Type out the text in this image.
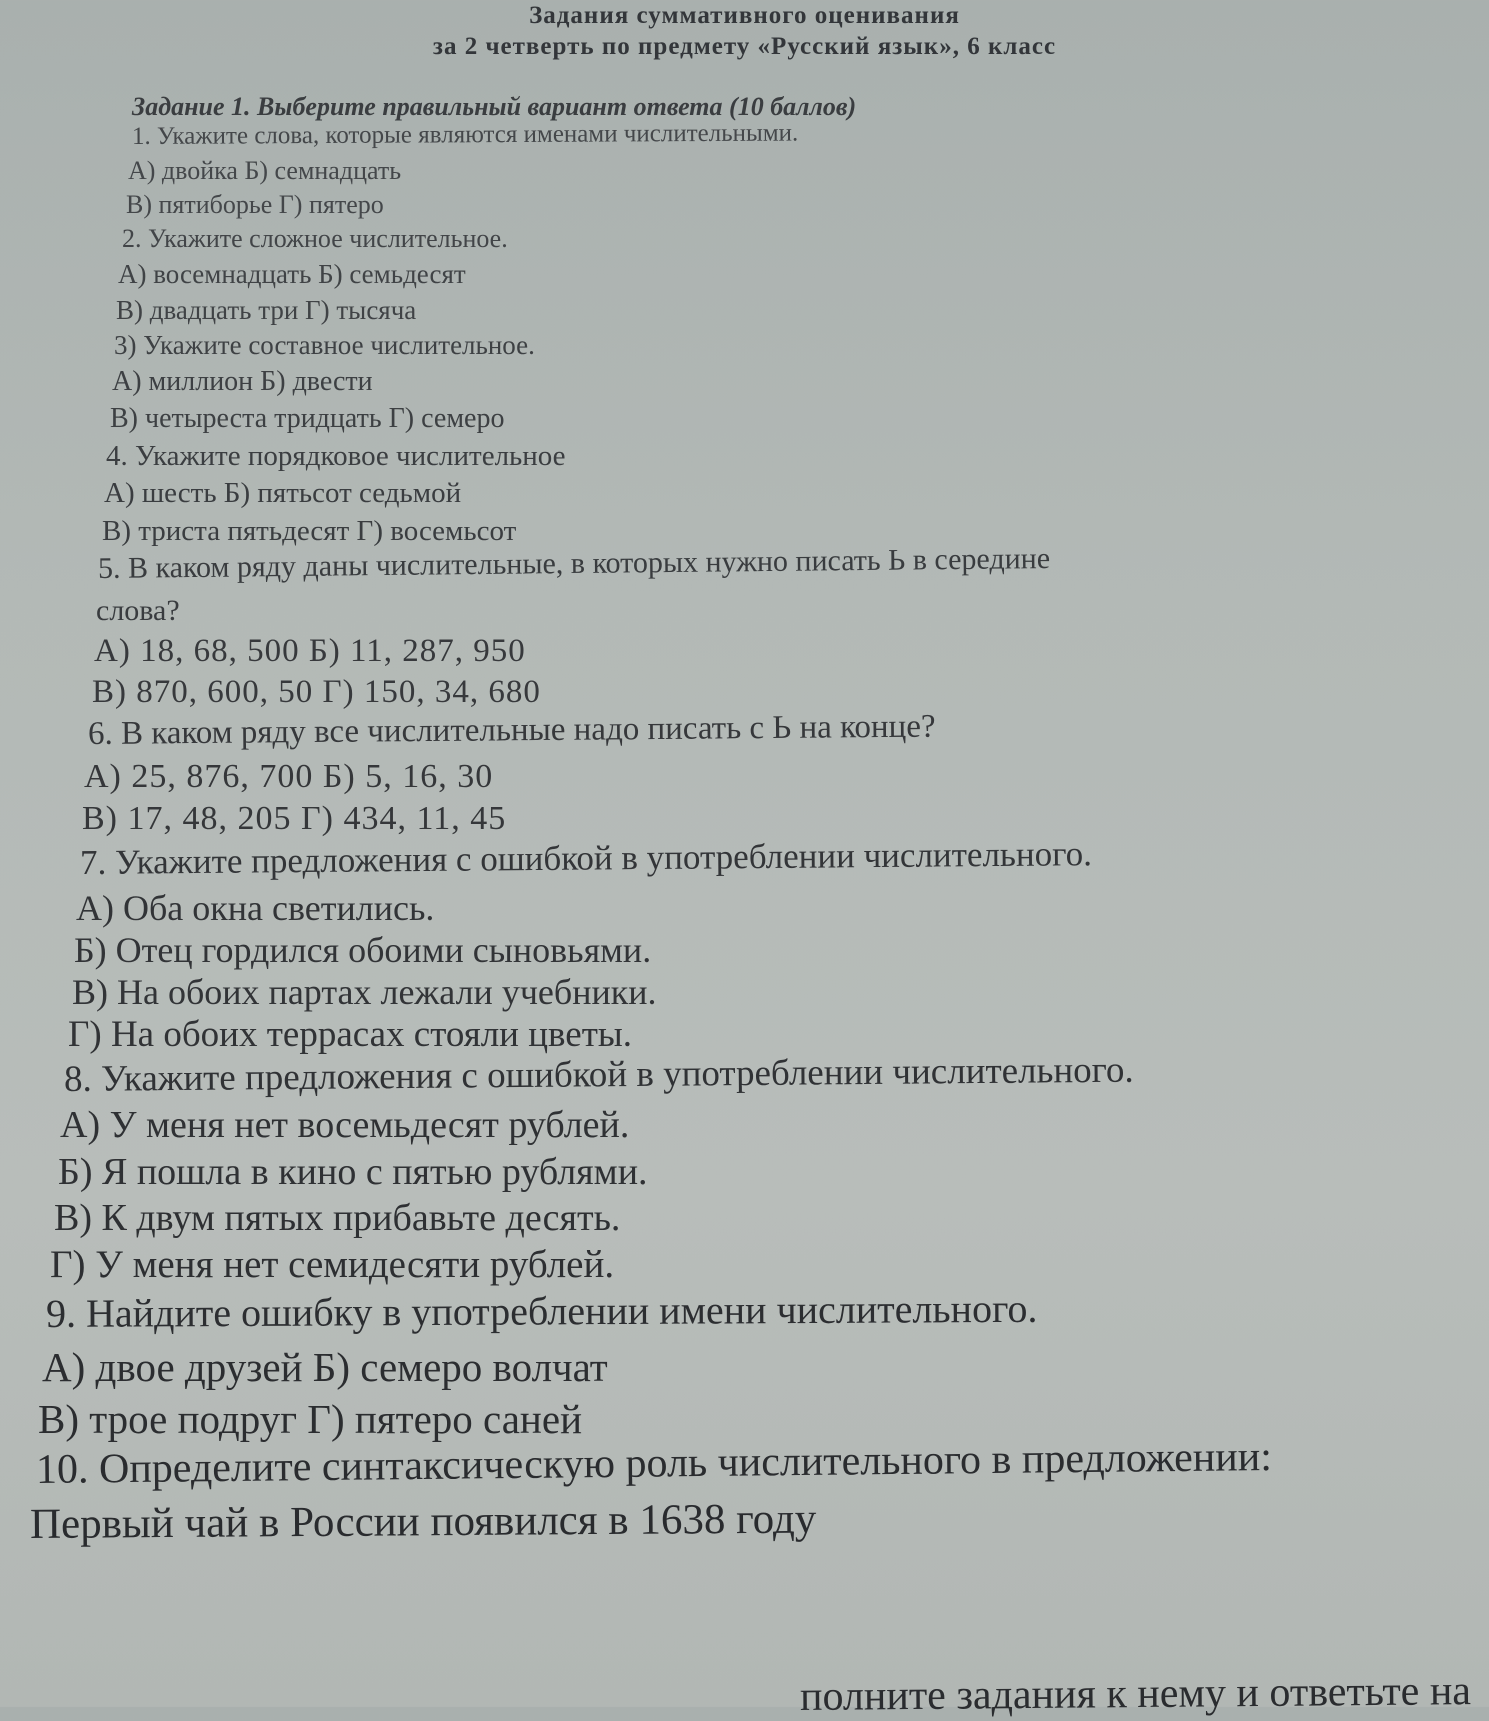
Задания суммативного оценивания
за 2 четверть по предмету «Русский язык», 6 класс
Задание 1. Выберите правильный вариант ответа (10 баллов)
1. Укажите слова, которые являются именами числительными.
А) двойка Б) семнадцать
В) пятиборье Г) пятеро
2. Укажите сложное числительное.
А) восемнадцать Б) семьдесят
В) двадцать три Г) тысяча
3) Укажите составное числительное.
А) миллион Б) двести
В) четыреста тридцать Г) семеро
4. Укажите порядковое числительное
А) шесть Б) пятьсот седьмой
В) триста пятьдесят Г) восемьсот
5. В каком ряду даны числительные, в которых нужно писать Ь в середине
слова?
А) 18, 68, 500 Б) 11, 287, 950
В) 870, 600, 50 Г) 150, 34, 680
6. В каком ряду все числительные надо писать с Ь на конце?
А) 25, 876, 700 Б) 5, 16, 30
В) 17, 48, 205 Г) 434, 11, 45
7. Укажите предложения с ошибкой в употреблении числительного.
А) Оба окна светились.
Б) Отец гордился обоими сыновьями.
В) На обоих партах лежали учебники.
Г) На обоих террасах стояли цветы.
8. Укажите предложения с ошибкой в употреблении числительного.
А) У меня нет восемьдесят рублей.
Б) Я пошла в кино с пятью рублями.
В) К двум пятых прибавьте десять.
Г) У меня нет семидесяти рублей.
9. Найдите ошибку в употреблении имени числительного.
А) двое друзей Б) семеро волчат
В) трое подруг Г) пятеро саней
10. Определите синтаксическую роль числительного в предложении:
Первый чай в России появился в 1638 году
полните задания к нему и ответьте на
